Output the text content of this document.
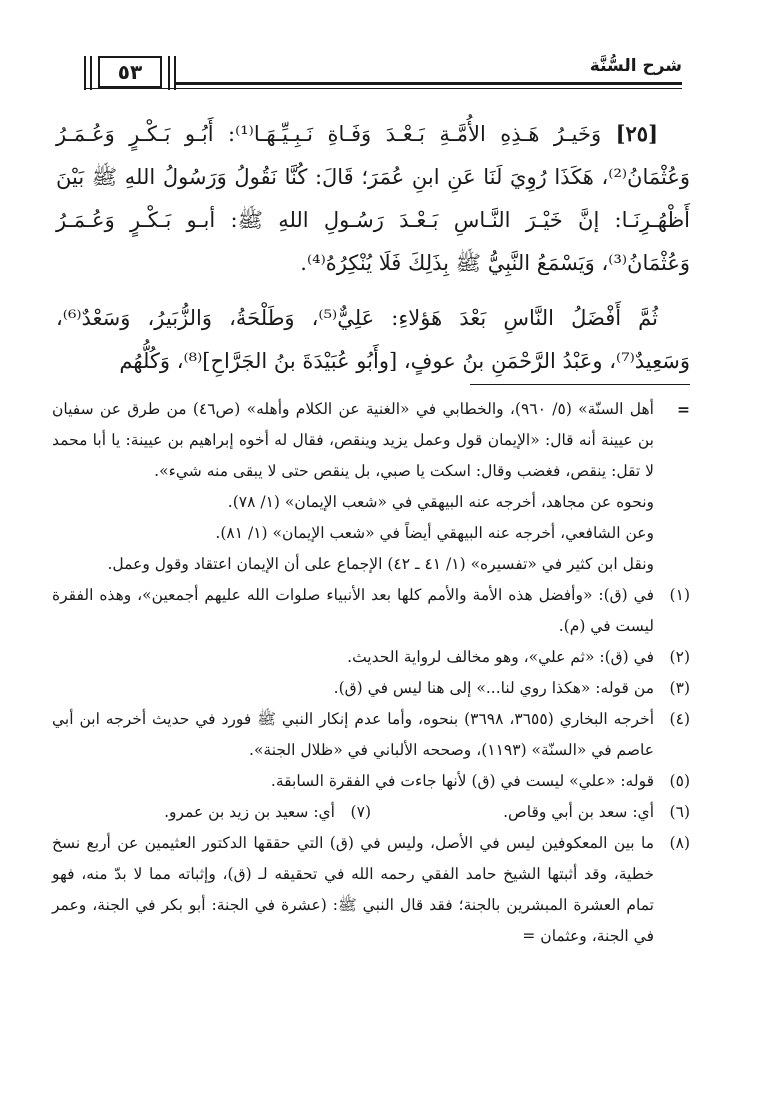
شرح السُّنَّة
٥٣

[٢٥] وَخَيـرُ هَـذِهِ الأُمَّـةِ بَـعْـدَ وَفَـاةِ نَـبِـيِّـهَـا⁽¹⁾: أَبُـو بَـكْـرٍ وَعُـمَـرُ وَعُثْمَانُ⁽²⁾، هَكَذَا رُوِيَ لَنَا عَنِ ابنِ عُمَرَ؛ قَالَ: كُنَّا نَقُولُ وَرَسُولُ اللهِ ﷺ بَيْنَ أَظْهُـرِنَـا: إنَّ خَيْـرَ النَّـاسِ بَـعْـدَ رَسُـولِ اللهِ ﷺ: أبـو بَـكْـرٍ وَعُـمَـرُ وَعُثْمَانُ⁽³⁾، وَيَسْمَعُ النَّبِيُّ ﷺ بِذَلِكَ فَلَا يُنْكِرُهُ⁽⁴⁾.

ثُمَّ أَفْضَلُ النَّاسِ بَعْدَ هَؤلاءِ: عَلِيٌّ⁽⁵⁾، وَطَلْحَةُ، وَالزُّبَيرُ، وَسَعْدٌ⁽⁶⁾، وَسَعِيدٌ⁽⁷⁾، وعَبْدُ الرَّحْمَنِ بنُ عوفٍ، [وأَبُو عُبَيْدَةَ بنُ الجَرَّاحِ]⁽⁸⁾، وَكُلُّهُم

=
أهل السنّة» (٥/ ٩٦٠)، والخطابي في «الغنية عن الكلام وأهله» (ص٤٦) من طرق عن سفيان بن عيينة أنه قال: «الإيمان قول وعمل يزيد وينقص، فقال له أخوه إبراهيم بن عيينة: يا أبا محمد لا تقل: ينقص، فغضب وقال: اسكت يا صبي، بل ينقص حتى لا يبقى منه شيء».
ونحوه عن مجاهد، أخرجه عنه البيهقي في «شعب الإيمان» (١/ ٧٨).
وعن الشافعي، أخرجه عنه البيهقي أيضاً في «شعب الإيمان» (١/ ٨١).
ونقل ابن كثير في «تفسيره» (١/ ٤١ ـ ٤٢) الإجماع على أن الإيمان اعتقاد وقول وعمل.
(١)
في (ق): «وأفضل هذه الأمة والأمم كلها بعد الأنبياء صلوات الله عليهم أجمعين»، وهذه الفقرة ليست في (م).
(٢)
في (ق): «ثم علي»، وهو مخالف لرواية الحديث.
(٣)
من قوله: «هكذا روي لنا...» إلى هنا ليس في (ق).
(٤)
أخرجه البخاري (٣٦٥٥، ٣٦٩٨) بنحوه، وأما عدم إنكار النبي ﷺ فورد في حديث أخرجه ابن أبي عاصم في «السنّة» (١١٩٣)، وصححه الألباني في «ظلال الجنة».
(٥)
قوله: «علي» ليست في (ق) لأنها جاءت في الفقرة السابقة.
(٦)
أي: سعد بن أبي وقاص.
(٧)
أي: سعيد بن زيد بن عمرو.
(٨)
ما بين المعكوفين ليس في الأصل، وليس في (ق) التي حققها الدكتور العثيمين عن أربع نسخ خطية، وقد أثبتها الشيخ حامد الفقي رحمه الله في تحقيقه لـ (ق)، وإثباته مما لا بدّ منه، فهو تمام العشرة المبشرين بالجنة؛ فقد قال النبي ﷺ: (عشرة في الجنة: أبو بكر في الجنة، وعمر في الجنة، وعثمان =
